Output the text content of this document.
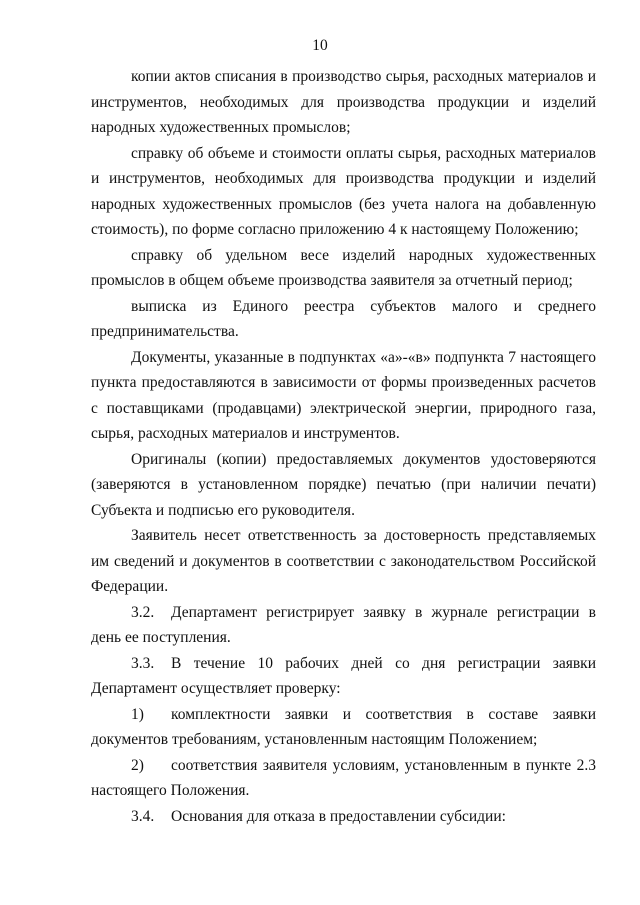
10

копии актов списания в производство сырья, расходных материалов и инструментов, необходимых для производства продукции и изделий народных художественных промыслов;

справку об объеме и стоимости оплаты сырья, расходных материалов и инструментов, необходимых для производства продукции и изделий народных художественных промыслов (без учета налога на добавленную стоимость), по форме согласно приложению 4 к настоящему Положению;

справку об удельном весе изделий народных художественных промыслов в общем объеме производства заявителя за отчетный период;

выписка из Единого реестра субъектов малого и среднего предпринимательства.

Документы, указанные в подпунктах «а»-«в» подпункта 7 настоящего пункта предоставляются в зависимости от формы произведенных расчетов с поставщиками (продавцами) электрической энергии, природного газа, сырья, расходных материалов и инструментов.

Оригиналы (копии) предоставляемых документов удостоверяются (заверяются в установленном порядке) печатью (при наличии печати) Субъекта и подписью его руководителя.

Заявитель несет ответственность за достоверность представляемых им сведений и документов в соответствии с законодательством Российской Федерации.

3.2. Департамент регистрирует заявку в журнале регистрации в день ее поступления.

3.3. В течение 10 рабочих дней со дня регистрации заявки Департамент осуществляет проверку:

1) комплектности заявки и соответствия в составе заявки документов требованиям, установленным настоящим Положением;

2) соответствия заявителя условиям, установленным в пункте 2.3 настоящего Положения.

3.4. Основания для отказа в предоставлении субсидии:
